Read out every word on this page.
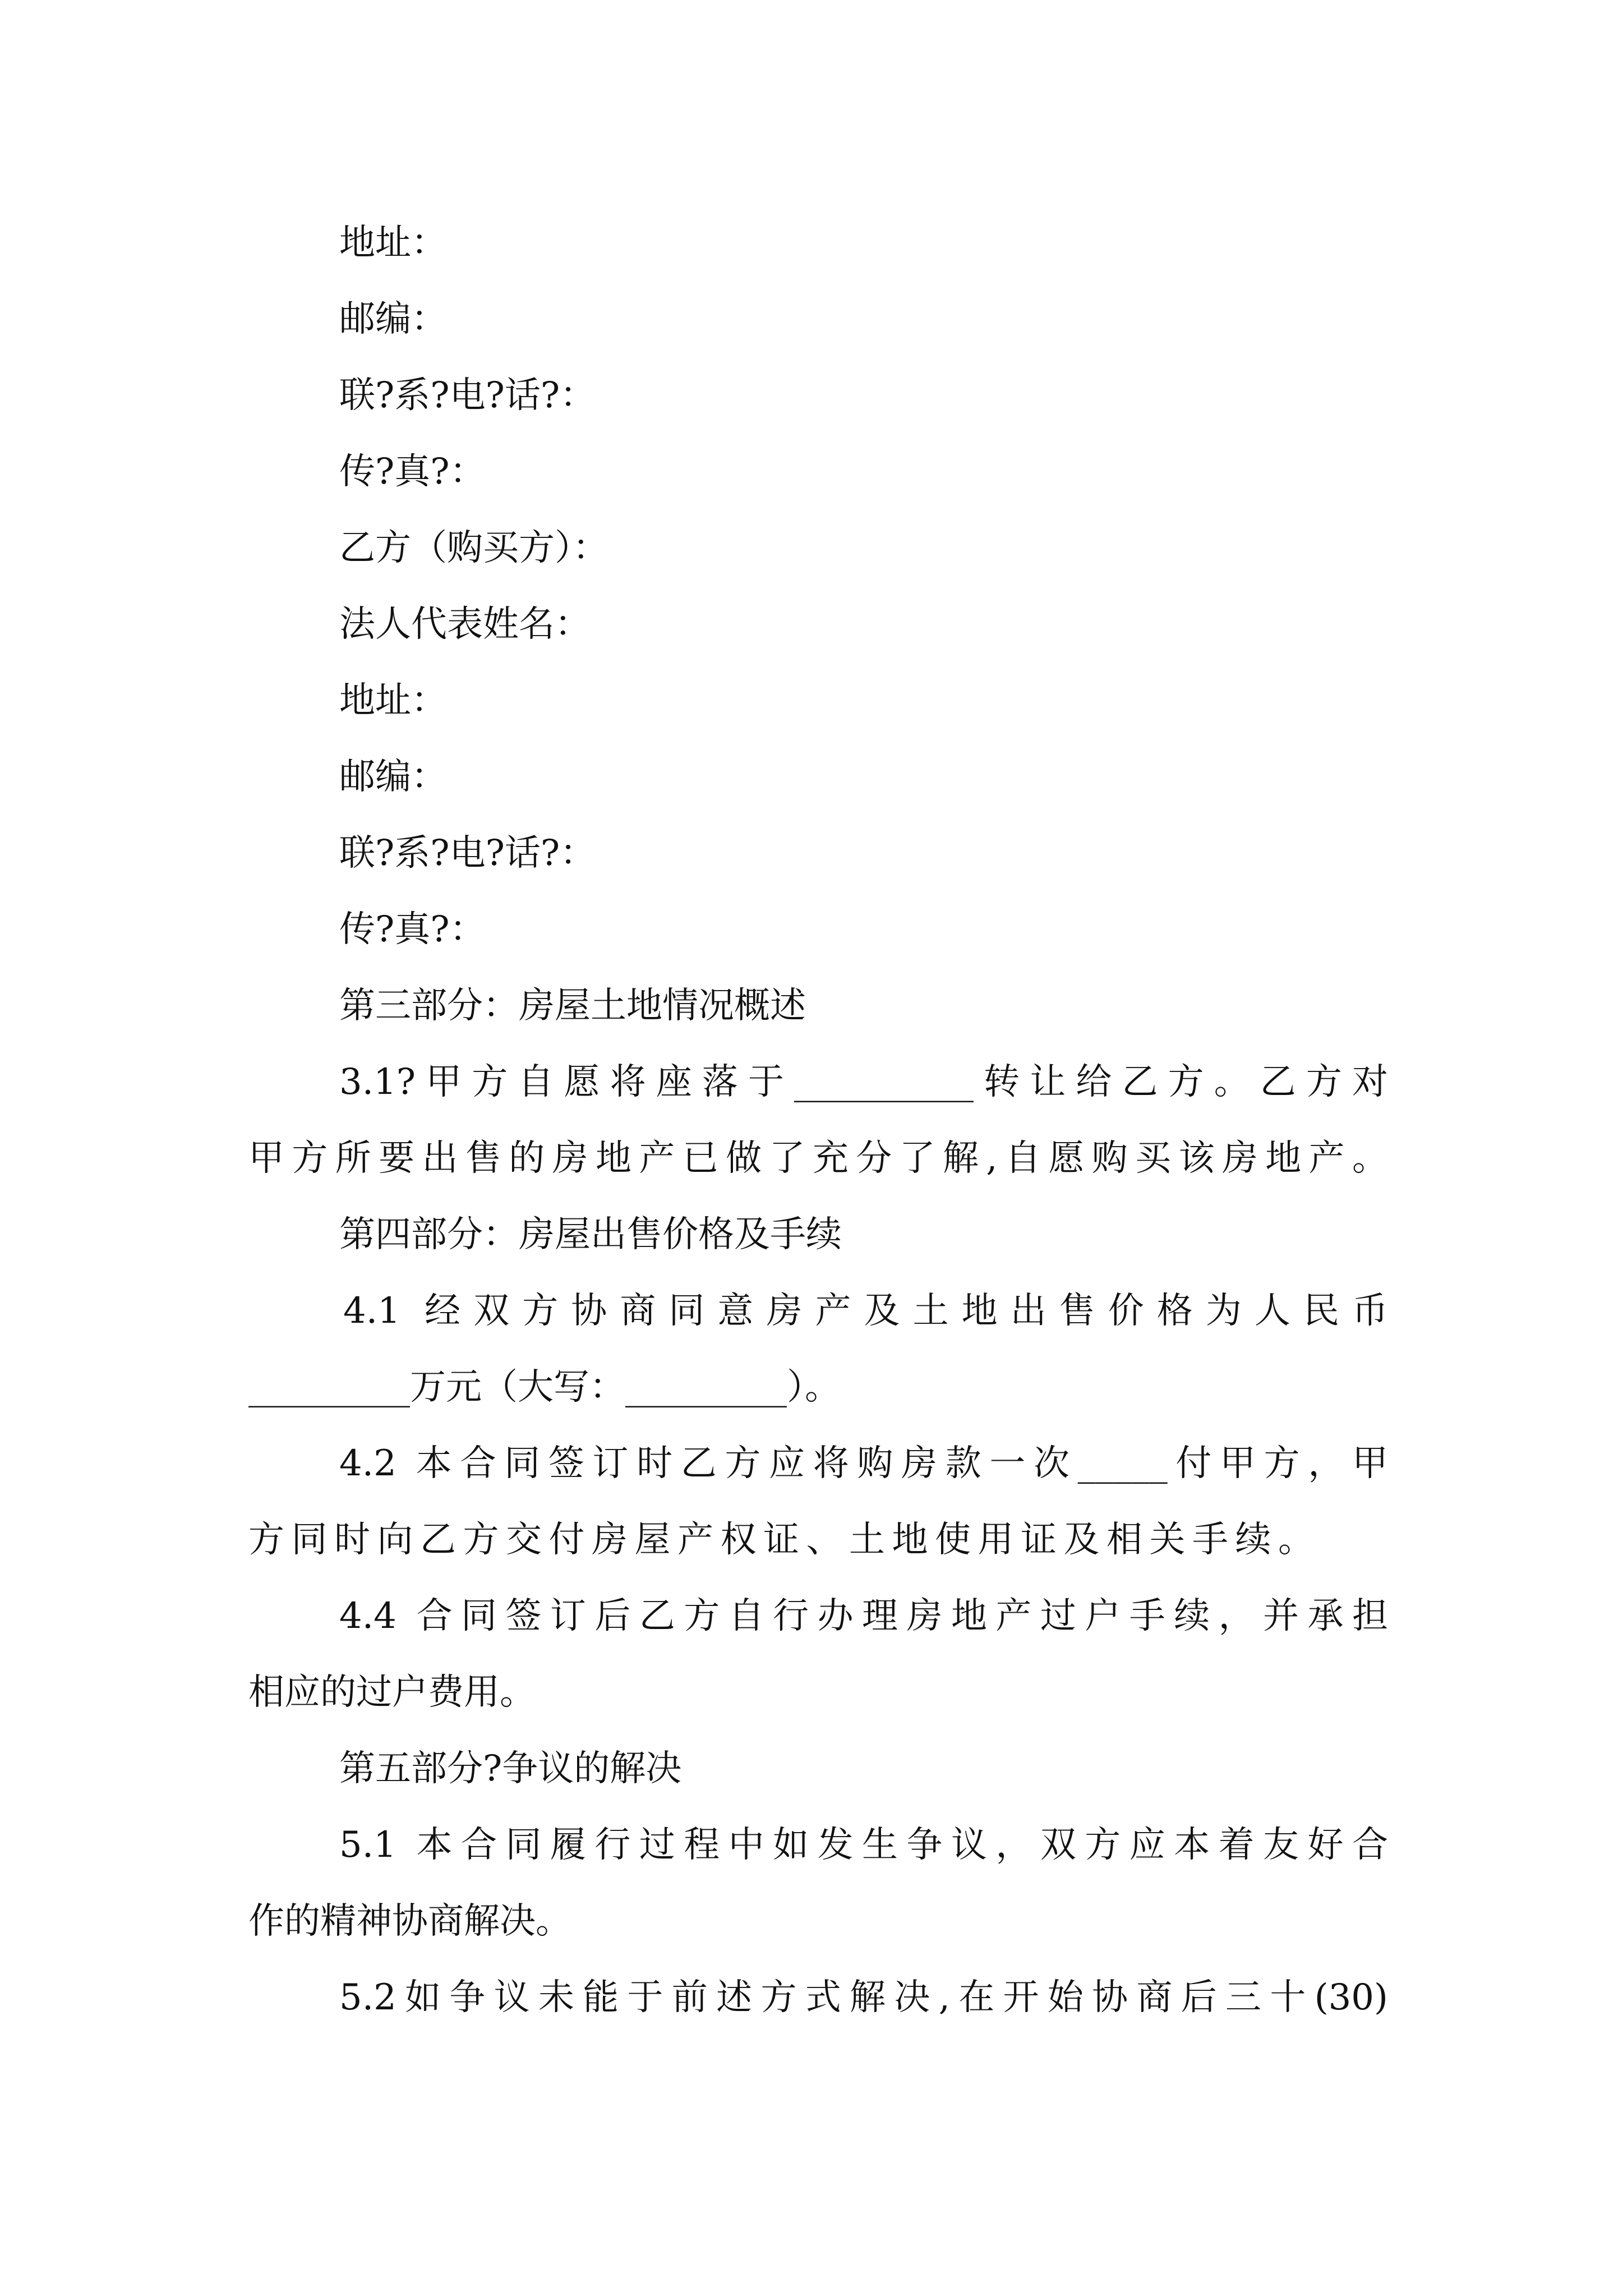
地址：
邮编：
联?系?电?话?：
传?真?：
乙方（购买方）：
法人代表姓名：
地址：
邮编：
联?系?电?话?：
传?真?：
第三部分：房屋土地情况概述
3.1?甲方自愿将座落于__________转让给乙方。乙方对
甲方所要出售的房地产已做了充分了解,自愿购买该房地产。
第四部分：房屋出售价格及手续
4.1 经双方协商同意房产及土地出售价格为人民币
_________万元（大写：_________）。
4.2 本合同签订时乙方应将购房款一次_____付甲方，甲
方同时向乙方交付房屋产权证、土地使用证及相关手续。
4.4 合同签订后乙方自行办理房地产过户手续，并承担
相应的过户费用。
第五部分?争议的解决
5.1 本合同履行过程中如发生争议，双方应本着友好合
作的精神协商解决。
5.2如争议未能于前述方式解决,在开始协商后三十(30)
